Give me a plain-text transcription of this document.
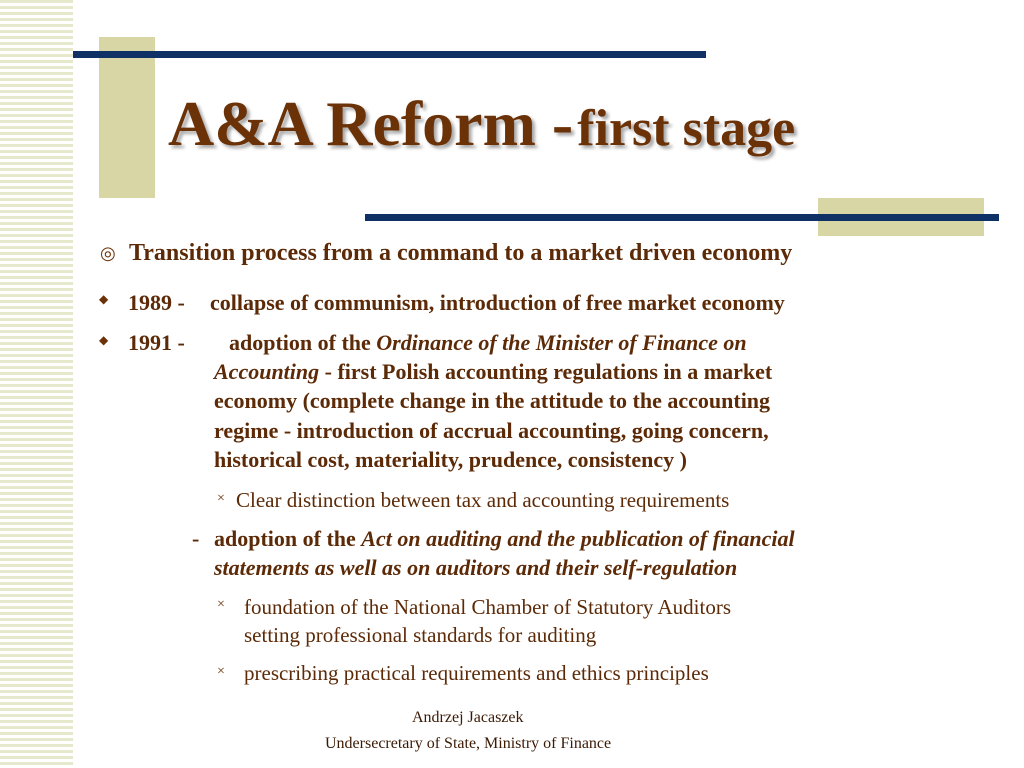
A&A Reform - first stage
◎ Transition process from a command to a market driven economy
◆ 1989 - collapse of communism, introduction of free market economy
◆ 1991 - adoption of the Ordinance of the Minister of Finance on
Accounting - first Polish accounting regulations in a market
economy (complete change in the attitude to the accounting
regime - introduction of accrual accounting, going concern,
historical cost, materiality, prudence, consistency )
× Clear distinction between tax and accounting requirements
- adoption of the Act on auditing and the publication of financial
statements as well as on auditors and their self-regulation
× foundation of the National Chamber of Statutory Auditors
setting professional standards for auditing
× prescribing practical requirements and ethics principles
Andrzej Jacaszek
Undersecretary of State, Ministry of Finance
